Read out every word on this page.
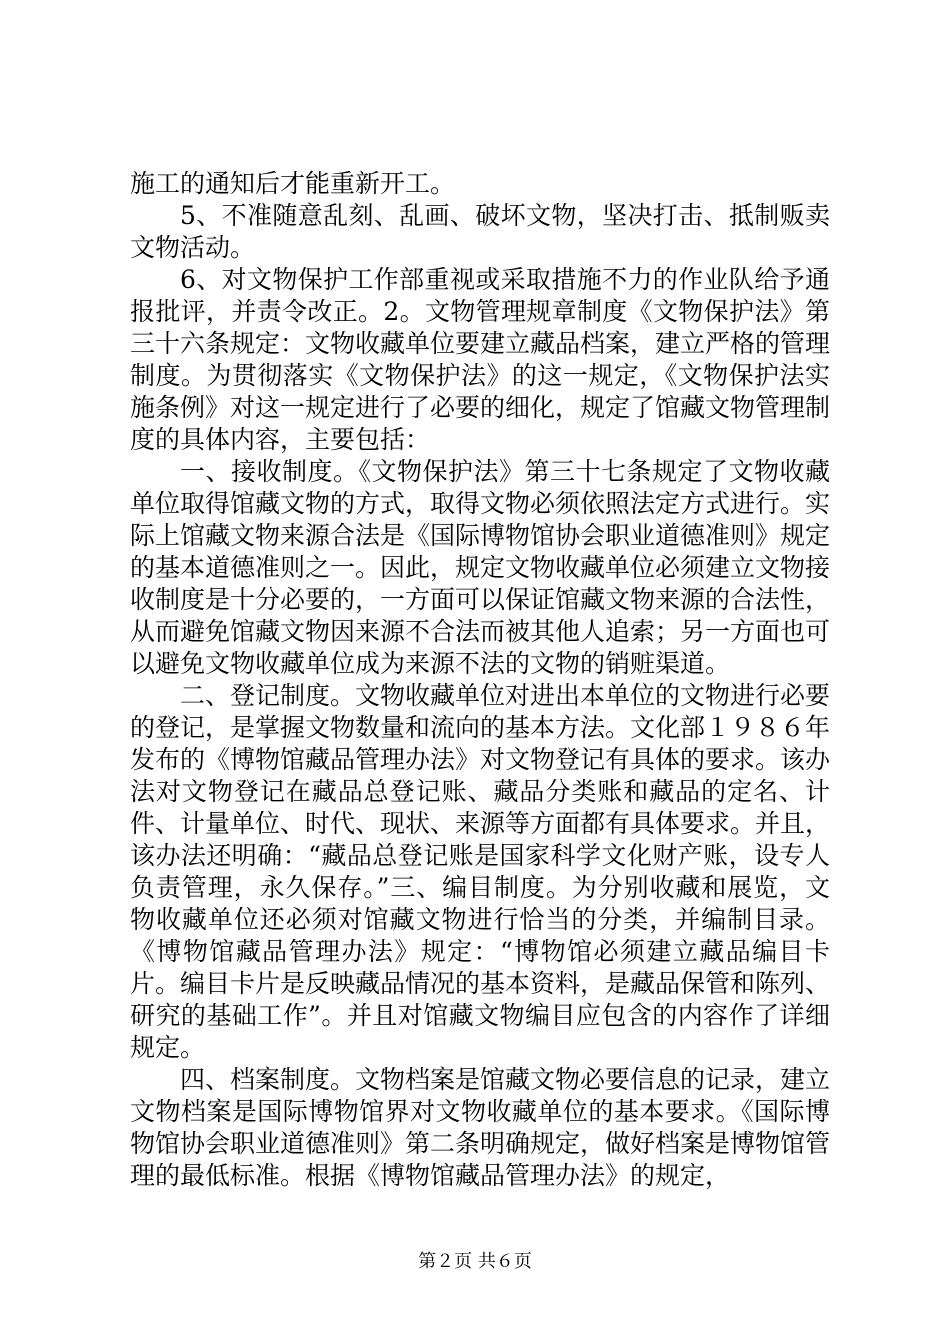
施工的通知后才能重新开工。

5、不准随意乱刻、乱画、破坏文物，坚决打击、抵制贩卖文物活动。

6、对文物保护工作部重视或采取措施不力的作业队给予通报批评，并责令改正。2。文物管理规章制度《文物保护法》第三十六条规定：文物收藏单位要建立藏品档案，建立严格的管理制度。为贯彻落实《文物保护法》的这一规定，《文物保护法实施条例》对这一规定进行了必要的细化，规定了馆藏文物管理制度的具体内容，主要包括：

一、接收制度。《文物保护法》第三十七条规定了文物收藏单位取得馆藏文物的方式，取得文物必须依照法定方式进行。实际上馆藏文物来源合法是《国际博物馆协会职业道德准则》规定的基本道德准则之一。因此，规定文物收藏单位必须建立文物接收制度是十分必要的，一方面可以保证馆藏文物来源的合法性，从而避免馆藏文物因来源不合法而被其他人追索；另一方面也可以避免文物收藏单位成为来源不法的文物的销赃渠道。

二、登记制度。文物收藏单位对进出本单位的文物进行必要的登记，是掌握文物数量和流向的基本方法。文化部１９８６年发布的《博物馆藏品管理办法》对文物登记有具体的要求。该办法对文物登记在藏品总登记账、藏品分类账和藏品的定名、计件、计量单位、时代、现状、来源等方面都有具体要求。并且，该办法还明确：“藏品总登记账是国家科学文化财产账，设专人负责管理，永久保存。”三、编目制度。为分别收藏和展览，文物收藏单位还必须对馆藏文物进行恰当的分类，并编制目录。《博物馆藏品管理办法》规定：“博物馆必须建立藏品编目卡片。编目卡片是反映藏品情况的基本资料，是藏品保管和陈列、研究的基础工作”。并且对馆藏文物编目应包含的内容作了详细规定。

四、档案制度。文物档案是馆藏文物必要信息的记录，建立文物档案是国际博物馆界对文物收藏单位的基本要求。《国际博物馆协会职业道德准则》第二条明确规定，做好档案是博物馆管理的最低标准。根据《博物馆藏品管理办法》的规定，

第２页 共６页
